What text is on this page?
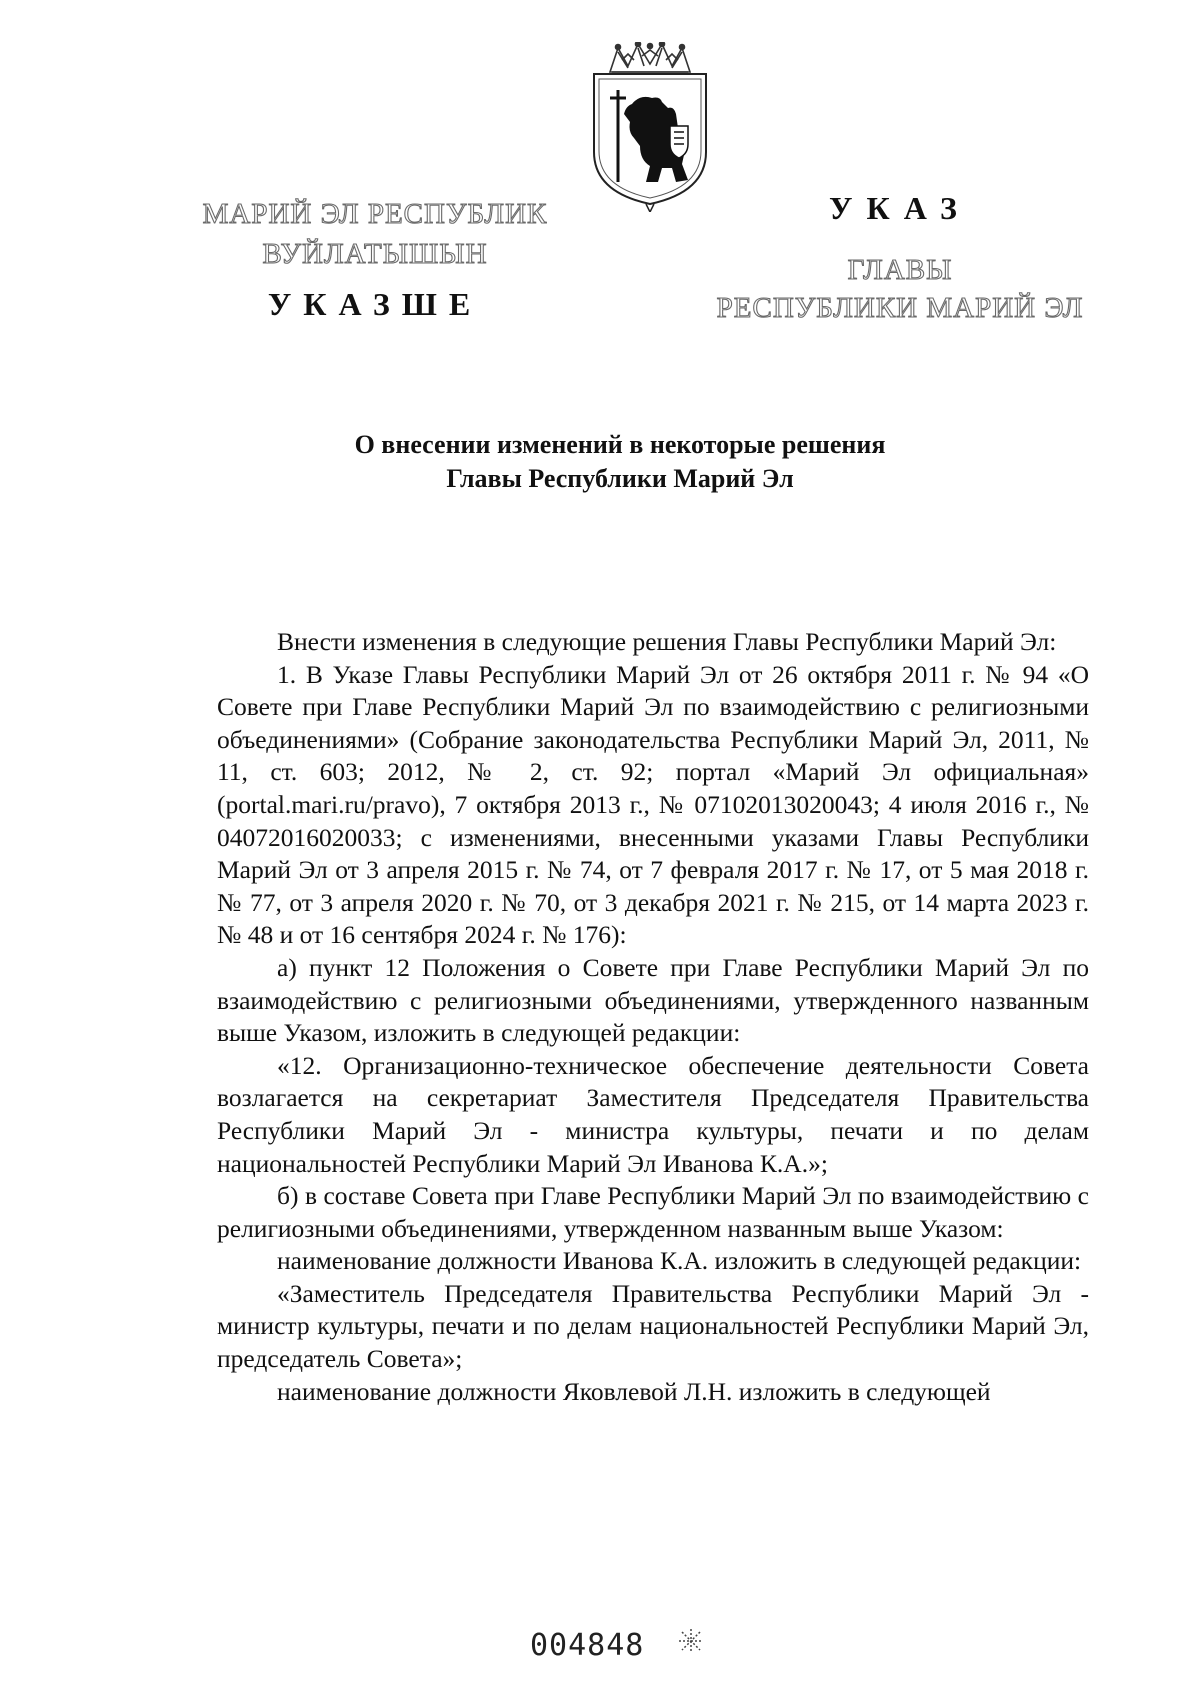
МАРИЙ ЭЛ РЕСПУБЛИК
ВУЙЛАТЫШЫН
УКАЗШЕ
УКАЗ
ГЛАВЫ
РЕСПУБЛИКИ МАРИЙ ЭЛ
О внесении изменений в некоторые решения
Главы Республики Марий Эл

Внести изменения в следующие решения Главы Республики Марий Эл:

1. В Указе Главы Республики Марий Эл от 26 октября 2011 г. № 94 «О Совете при Главе Республики Марий Эл по взаимодействию с религиозными объединениями» (Собрание законодательства Республики Марий Эл, 2011, № 11, ст. 603; 2012, № 2, ст. 92; портал «Марий Эл официальная» (portal.mari.ru/pravo), 7 октября 2013 г., № 07102013020043; 4 июля 2016 г., № 04072016020033; с изменениями, внесенными указами Главы Республики Марий Эл от 3 апреля 2015 г. № 74, от 7 февраля 2017 г. № 17, от 5 мая 2018 г. № 77, от 3 апреля 2020 г. № 70, от 3 декабря 2021 г. № 215, от 14 марта 2023 г. № 48 и от 16 сентября 2024 г. № 176):

а) пункт 12 Положения о Совете при Главе Республики Марий Эл по взаимодействию с религиозными объединениями, утвержденного названным выше Указом, изложить в следующей редакции:

«12. Организационно-техническое обеспечение деятельности Совета возлагается на секретариат Заместителя Председателя Правительства Республики Марий Эл - министра культуры, печати и по делам национальностей Республики Марий Эл Иванова К.А.»;

б) в составе Совета при Главе Республики Марий Эл по взаимодействию с религиозными объединениями, утвержденном названным выше Указом:

наименование должности Иванова К.А. изложить в следующей редакции:

«Заместитель Председателя Правительства Республики Марий Эл - министр культуры, печати и по делам национальностей Республики Марий Эл, председатель Совета»;

наименование должности Яковлевой Л.Н. изложить в следующей

004848
